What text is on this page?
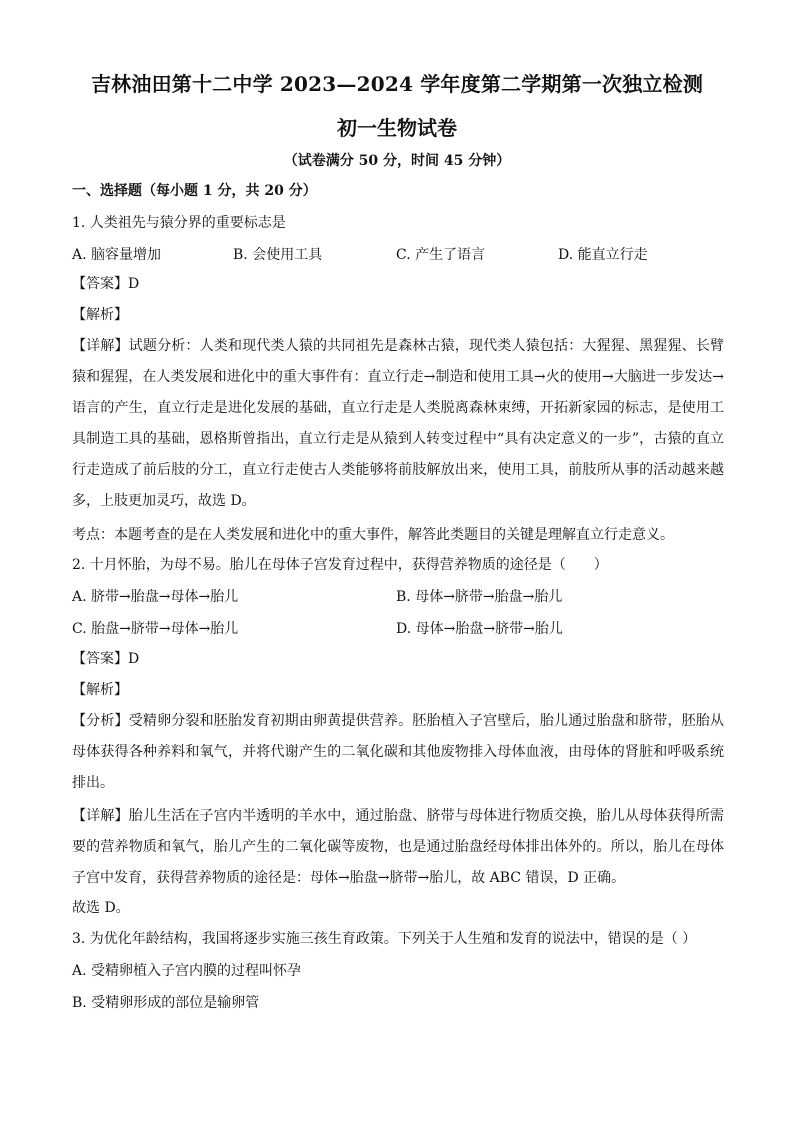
吉林油田第十二中学 2023—2024 学年度第二学期第一次独立检测
初一生物试卷
（试卷满分 50 分，时间 45 分钟）
一、选择题（每小题 1 分，共 20 分）
1. 人类祖先与猿分界的重要标志是
A. 脑容量增加	B. 会使用工具	C. 产生了语言	D. 能直立行走
【答案】D
【解析】
【详解】试题分析：人类和现代类人猿的共同祖先是森林古猿，现代类人猿包括：大猩猩、黑猩猩、长臂猿和猩猩，在人类发展和进化中的重大事件有：直立行走→制造和使用工具→火的使用→大脑进一步发达→语言的产生，直立行走是进化发展的基础，直立行走是人类脱离森林束缚，开拓新家园的标志，是使用工具制造工具的基础，恩格斯曾指出，直立行走是从猿到人转变过程中“具有决定意义的一步”，古猿的直立行走造成了前后肢的分工，直立行走使古人类能够将前肢解放出来，使用工具，前肢所从事的活动越来越多，上肢更加灵巧，故选 D。
考点：本题考查的是在人类发展和进化中的重大事件，解答此类题目的关键是理解直立行走意义。
2. 十月怀胎，为母不易。胎儿在母体子宫发育过程中，获得营养物质的途径是（　　）
A. 脐带→胎盘→母体→胎儿	B. 母体→脐带→胎盘→胎儿
C. 胎盘→脐带→母体→胎儿	D. 母体→胎盘→脐带→胎儿
【答案】D
【解析】
【分析】受精卵分裂和胚胎发育初期由卵黄提供营养。胚胎植入子宫壁后，胎儿通过胎盘和脐带，胚胎从母体获得各种养料和氧气，并将代谢产生的二氧化碳和其他废物排入母体血液，由母体的肾脏和呼吸系统排出。
【详解】胎儿生活在子宫内半透明的羊水中，通过胎盘、脐带与母体进行物质交换，胎儿从母体获得所需要的营养物质和氧气，胎儿产生的二氧化碳等废物，也是通过胎盘经母体排出体外的。所以，胎儿在母体子宫中发育，获得营养物质的途径是：母体→胎盘→脐带→胎儿，故 ABC 错误，D 正确。
故选 D。
3. 为优化年龄结构，我国将逐步实施三孩生育政策。下列关于人生殖和发育的说法中，错误的是（ ）
A. 受精卵植入子宫内膜的过程叫怀孕
B. 受精卵形成的部位是输卵管
